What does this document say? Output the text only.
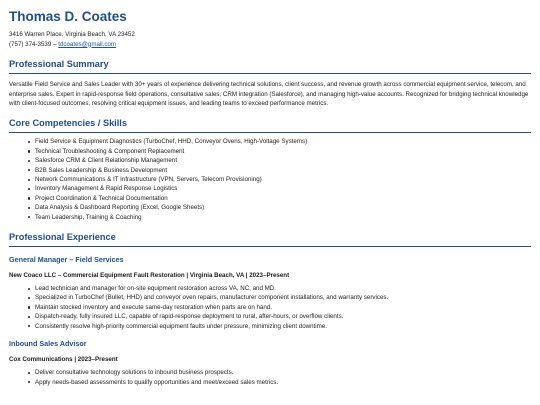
Thomas D. Coates
3416 Warren Place, Virginia Beach, VA 23452
(757) 374-3539 – tdcoates@gmail.com
Professional Summary
Versatile Field Service and Sales Leader with 30+ years of experience delivering technical solutions, client success, and revenue growth across commercial equipment service, telecom, and enterprise sales. Expert in rapid-response field operations, consultative sales, CRM integration (Salesforce), and managing high-value accounts. Recognized for bridging technical knowledge with client-focused outcomes, resolving critical equipment issues, and leading teams to exceed performance metrics.
Core Competencies / Skills
Field Service & Equipment Diagnostics (TurboChef, HHD, Conveyor Ovens, High-Voltage Systems)
Technical Troubleshooting & Component Replacement
Salesforce CRM & Client Relationship Management
B2B Sales Leadership & Business Development
Network Communications & IT Infrastructure (VPN, Servers, Telecom Provisioning)
Inventory Management & Rapid Response Logistics
Project Coordination & Technical Documentation
Data Analysis & Dashboard Reporting (Excel, Google Sheets)
Team Leadership, Training & Coaching
Professional Experience
General Manager – Field Services
New Coaco LLC – Commercial Equipment Fault Restoration | Virginia Beach, VA | 2023–Present
Lead technician and manager for on-site equipment restoration across VA, NC, and MD.
Specialized in TurboChef (Bullet, HHD) and conveyor oven repairs, manufacturer component installations, and warranty services.
Maintain stocked inventory and execute same-day restoration when parts are on hand.
Dispatch-ready, fully insured LLC, capable of rapid-response deployment to rural, after-hours, or overflow clients.
Consistently resolve high-priority commercial equipment faults under pressure, minimizing client downtime.
Inbound Sales Advisor
Cox Communications | 2023–Present
Deliver consultative technology solutions to inbound business prospects.
Apply needs-based assessments to qualify opportunities and meet/exceed sales metrics.
